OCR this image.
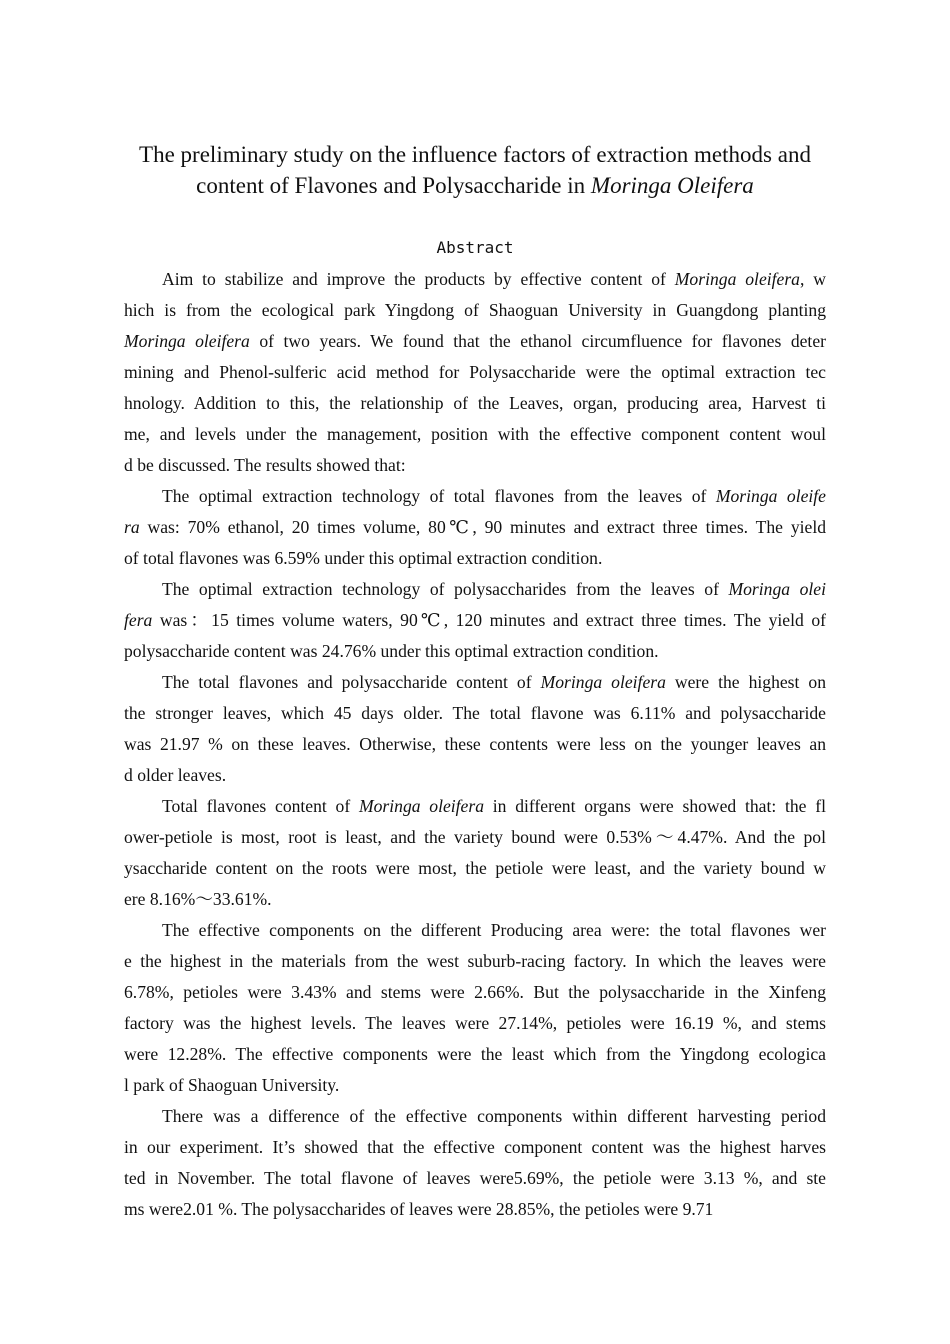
The preliminary study on the influence factors of extraction methods and
content of Flavones and Polysaccharide in Moringa Oleifera
Abstract
Aim to stabilize and improve the products by effective content of Moringa oleifera, w
hich is from the ecological park Yingdong of Shaoguan University in Guangdong planting
Moringa oleifera of two years. We found that the ethanol circumfluence for flavones deter
mining and Phenol-sulferic acid method for Polysaccharide were the optimal extraction tec
hnology. Addition to this, the relationship of the Leaves, organ, producing area, Harvest ti
me, and levels under the management, position with the effective component content woul
d be discussed. The results showed that:
The optimal extraction technology of total flavones from the leaves of Moringa oleife
ra was: 70% ethanol, 20 times volume, 80℃, 90 minutes and extract three times. The yield
of total flavones was 6.59% under this optimal extraction condition.
The optimal extraction technology of polysaccharides from the leaves of Moringa olei
fera was：15 times volume waters, 90℃, 120 minutes and extract three times. The yield of
polysaccharide content was 24.76% under this optimal extraction condition.
The total flavones and polysaccharide content of Moringa oleifera were the highest on
the stronger leaves, which 45 days older. The total flavone was 6.11% and polysaccharide
was 21.97 % on these leaves. Otherwise, these contents were less on the younger leaves an
d older leaves.
Total flavones content of Moringa oleifera in different organs were showed that: the fl
ower-petiole is most, root is least, and the variety bound were 0.53%～4.47%. And the pol
ysaccharide content on the roots were most, the petiole were least, and the variety bound w
ere 8.16%～33.61%.
The effective components on the different Producing area were: the total flavones wer
e the highest in the materials from the west suburb-racing factory. In which the leaves were
6.78%, petioles were 3.43% and stems were 2.66%. But the polysaccharide in the Xinfeng
factory was the highest levels. The leaves were 27.14%, petioles were 16.19 %, and stems
were 12.28%. The effective components were the least which from the Yingdong ecologica
l park of Shaoguan University.
There was a difference of the effective components within different harvesting period
in our experiment. It’s showed that the effective component content was the highest harves
ted in November. The total flavone of leaves were5.69%, the petiole were 3.13 %, and ste
ms were2.01 %. The polysaccharides of leaves were 28.85%, the petioles were 9.71
